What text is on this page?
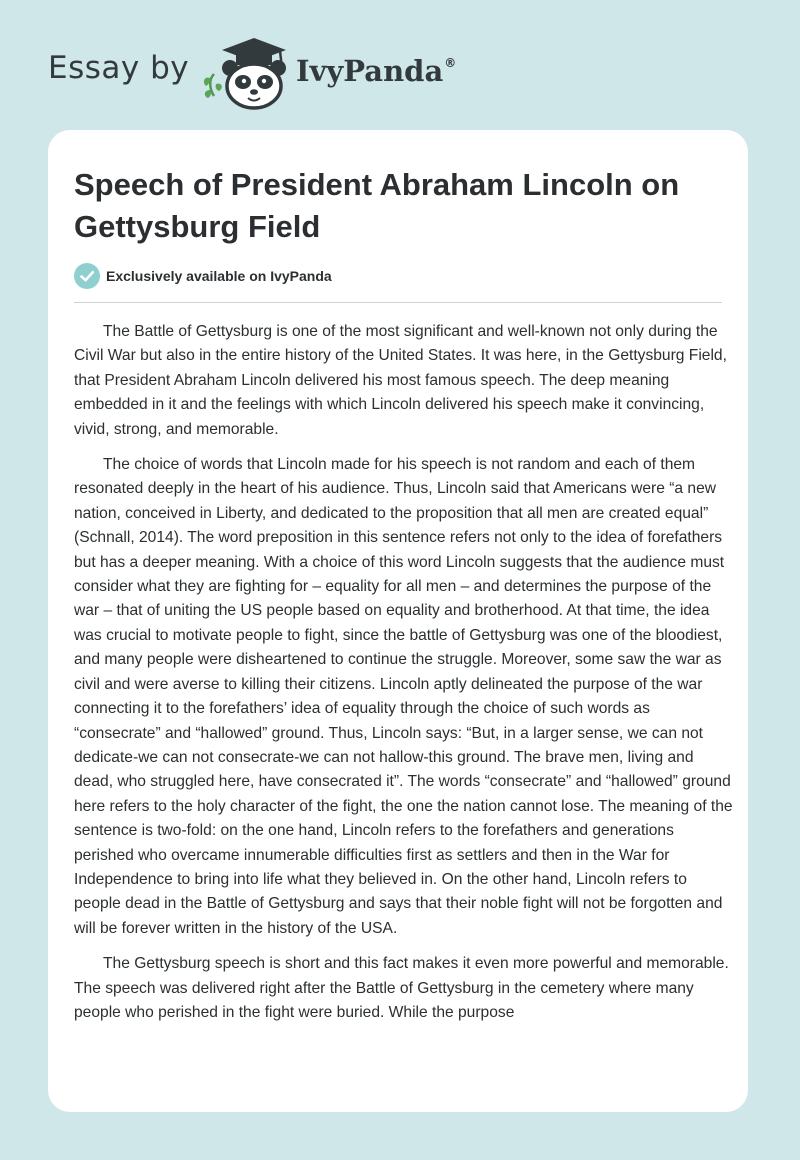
Essay by	IvyPanda®
Speech of President Abraham Lincoln on Gettysburg Field
Exclusively available on IvyPanda

The Battle of Gettysburg is one of the most significant and well-known not only during the Civil War but also in the entire history of the United States. It was here, in the Gettysburg Field, that President Abraham Lincoln delivered his most famous speech. The deep meaning embedded in it and the feelings with which Lincoln delivered his speech make it convincing, vivid, strong, and memorable.

The choice of words that Lincoln made for his speech is not random and each of them resonated deeply in the heart of his audience. Thus, Lincoln said that Americans were “a new nation, conceived in Liberty, and dedicated to the proposition that all men are created equal” (Schnall, 2014). The word preposition in this sentence refers not only to the idea of forefathers but has a deeper meaning. With a choice of this word Lincoln suggests that the audience must consider what they are fighting for – equality for all men – and determines the purpose of the war – that of uniting the US people based on equality and brotherhood. At that time, the idea was crucial to motivate people to fight, since the battle of Gettysburg was one of the bloodiest, and many people were disheartened to continue the struggle. Moreover, some saw the war as civil and were averse to killing their citizens. Lincoln aptly delineated the purpose of the war connecting it to the forefathers’ idea of equality through the choice of such words as “consecrate” and “hallowed” ground. Thus, Lincoln says: “But, in a larger sense, we can not dedicate-we can not consecrate-we can not hallow-this ground. The brave men, living and dead, who struggled here, have consecrated it”. The words “consecrate” and “hallowed” ground here refers to the holy character of the fight, the one the nation cannot lose. The meaning of the sentence is two-fold: on the one hand, Lincoln refers to the forefathers and generations perished who overcame innumerable difficulties first as settlers and then in the War for Independence to bring into life what they believed in. On the other hand, Lincoln refers to people dead in the Battle of Gettysburg and says that their noble fight will not be forgotten and will be forever written in the history of the USA.

The Gettysburg speech is short and this fact makes it even more powerful and memorable. The speech was delivered right after the Battle of Gettysburg in the cemetery where many people who perished in the fight were buried. While the purpose
